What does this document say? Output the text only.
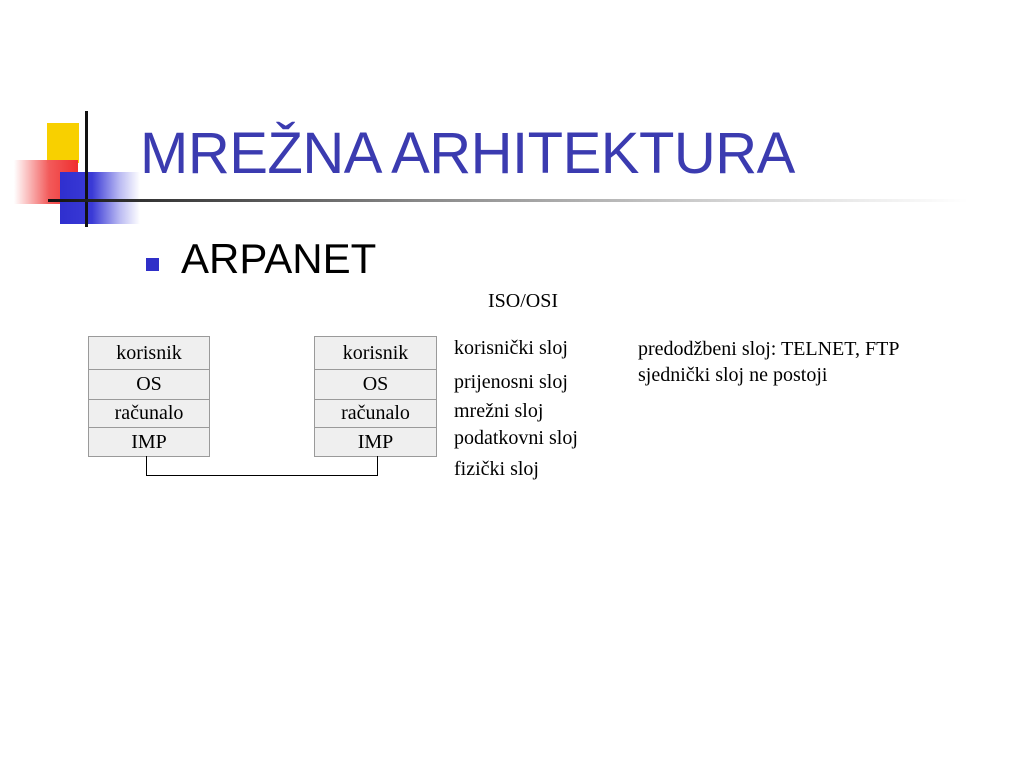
MREŽNA ARHITEKTURA
ARPANET
ISO/OSI
korisnik
OS
računalo
IMP
korisnik
OS
računalo
IMP
korisnički sloj
prijenosni sloj
mrežni sloj
podatkovni sloj
fizički sloj
predodžbeni sloj: TELNET, FTP
sjednički sloj ne postoji
